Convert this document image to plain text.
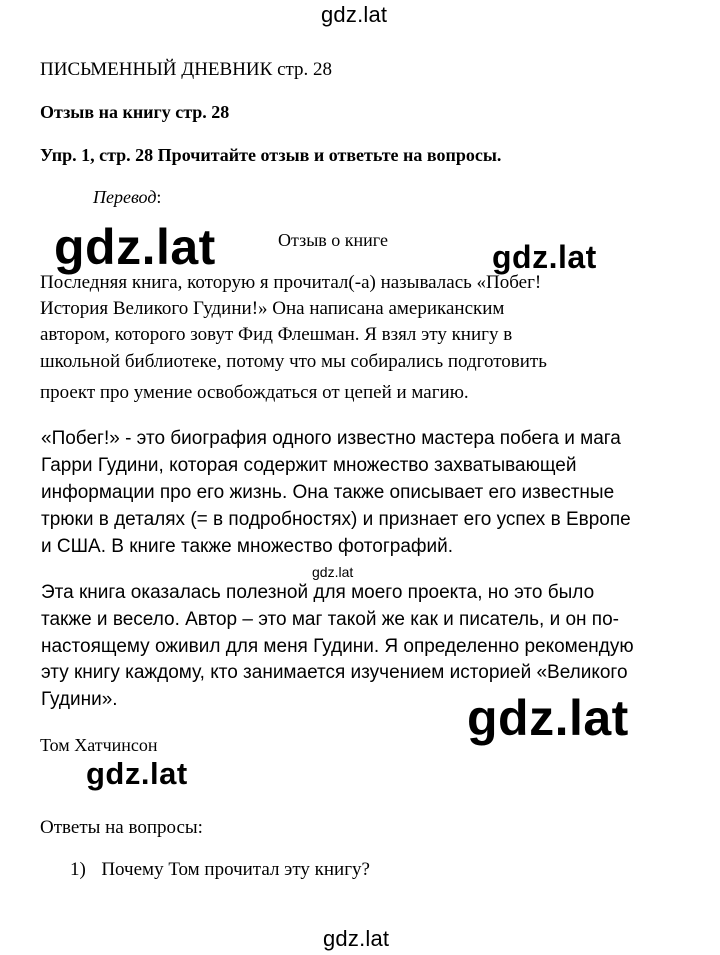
gdz.lat
ПИСЬМЕННЫЙ ДНЕВНИК стр. 28
Отзыв на книгу стр. 28
Упр. 1, стр. 28 Прочитайте отзыв и ответьте на вопросы.
Перевод:
Отзыв о книге
Последняя книга, которую я прочитал(-а) называлась «Побег!
История Великого Гудини!» Она написана американским
автором, которого зовут Фид Флешман. Я взял эту книгу в
школьной библиотеке, потому что мы собирались подготовить
проект про умение освобождаться от цепей и магию.
«Побег!» - это биография одного известно мастера побега и мага
Гарри Гудини, которая содержит множество захватывающей
информации про его жизнь. Она также описывает его известные
трюки в деталях (= в подробностях) и признает его успех в Европе
и США. В книге также множество фотографий.
Эта книга оказалась полезной для моего проекта, но это было
также и весело. Автор – это маг такой же как и писатель, и он по-
настоящему оживил для меня Гудини. Я определенно рекомендую
эту книгу каждому, кто занимается изучением историей «Великого
Гудини».
Том Хатчинсон
Ответы на вопросы:
1) Почему Том прочитал эту книгу?
gdz.lat	gdz.lat
gdz.lat
gdz.lat
gdz.lat
gdz.lat
